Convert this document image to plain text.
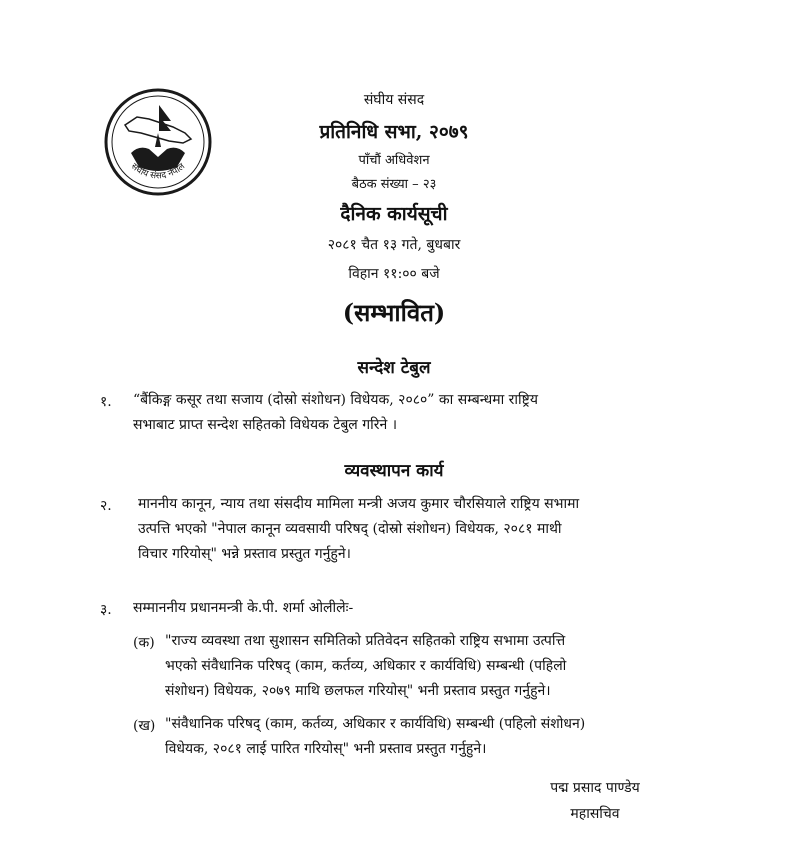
संघीय संसद नेपाल
संघीय संसद
प्रतिनिधि सभा, २०७९
पाँचौं अधिवेशन
बैठक संख्या – २३
दैनिक कार्यसूची
२०८१ चैत १३ गते, बुधबार
विहान ११:०० बजे
(सम्भावित)
सन्देश टेबुल
१. “बैंकिङ्ग कसूर तथा सजाय (दोस्रो संशोधन) विधेयक, २०८०” का सम्बन्धमा राष्ट्रिय
सभाबाट प्राप्त सन्देश सहितको विधेयक टेबुल गरिने ।
व्यवस्थापन कार्य
२. माननीय कानून, न्याय तथा संसदीय मामिला मन्त्री अजय कुमार चौरसियाले राष्ट्रिय सभामा
उत्पत्ति भएको "नेपाल कानून व्यवसायी परिषद् (दोस्रो संशोधन) विधेयक, २०८१ माथी
विचार गरियोस्" भन्ने प्रस्ताव प्रस्तुत गर्नुहुने।
३. सम्माननीय प्रधानमन्त्री के.पी. शर्मा ओलीलेः-
(क) "राज्य व्यवस्था तथा सुशासन समितिको प्रतिवेदन सहितको राष्ट्रिय सभामा उत्पत्ति
भएको संवैधानिक परिषद् (काम, कर्तव्य, अधिकार र कार्यविधि) सम्बन्धी (पहिलो
संशोधन) विधेयक, २०७९ माथि छलफल गरियोस्" भनी प्रस्ताव प्रस्तुत गर्नुहुने।
(ख) "संवैधानिक परिषद् (काम, कर्तव्य, अधिकार र कार्यविधि) सम्बन्धी (पहिलो संशोधन)
विधेयक, २०८१ लाई पारित गरियोस्" भनी प्रस्ताव प्रस्तुत गर्नुहुने।
पद्म प्रसाद पाण्डेय
महासचिव
